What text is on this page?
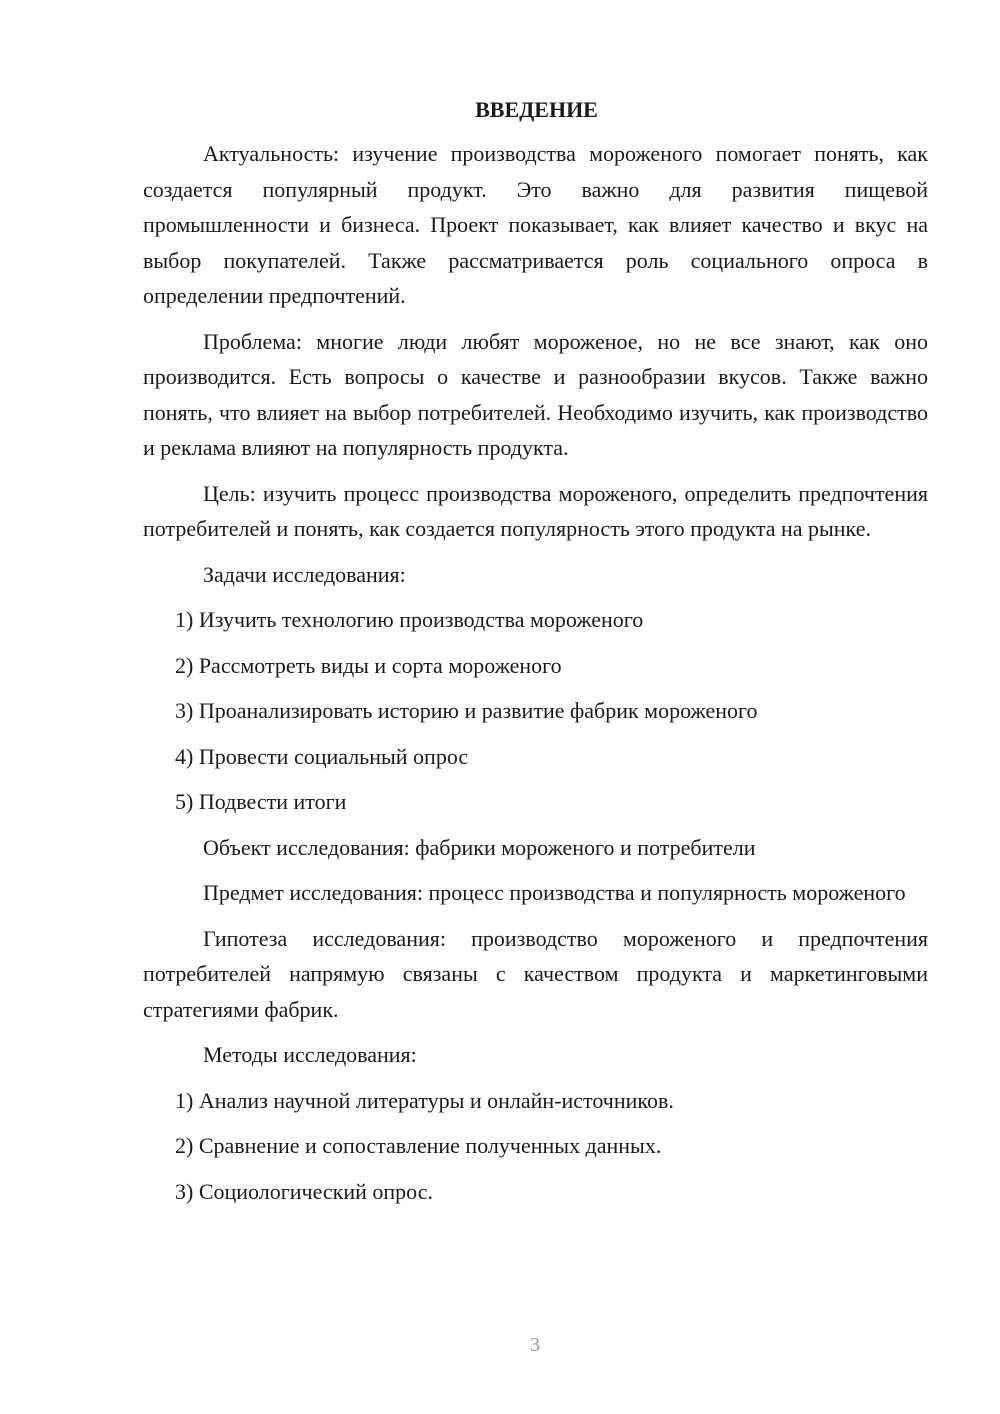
ВВЕДЕНИЕ

Актуальность: изучение производства мороженого помогает понять, как создается популярный продукт. Это важно для развития пищевой промышленности и бизнеса. Проект показывает, как влияет качество и вкус на выбор покупателей. Также рассматривается роль социального опроса в определении предпочтений.

Проблема: многие люди любят мороженое, но не все знают, как оно производится. Есть вопросы о качестве и разнообразии вкусов. Также важно понять, что влияет на выбор потребителей. Необходимо изучить, как производство и реклама влияют на популярность продукта.

Цель: изучить процесс производства мороженого, определить предпочтения потребителей и понять, как создается популярность этого продукта на рынке.

Задачи исследования:

1) Изучить технологию производства мороженого
2) Рассмотреть виды и сорта мороженого
3) Проанализировать историю и развитие фабрик мороженого
4) Провести социальный опрос
5) Подвести итоги

Объект исследования: фабрики мороженого и потребители

Предмет исследования: процесс производства и популярность мороженого

Гипотеза исследования: производство мороженого и предпочтения потребителей напрямую связаны с качеством продукта и маркетинговыми стратегиями фабрик.

Методы исследования:

1) Анализ научной литературы и онлайн-источников.
2) Сравнение и сопоставление полученных данных.
3) Социологический опрос.
3
